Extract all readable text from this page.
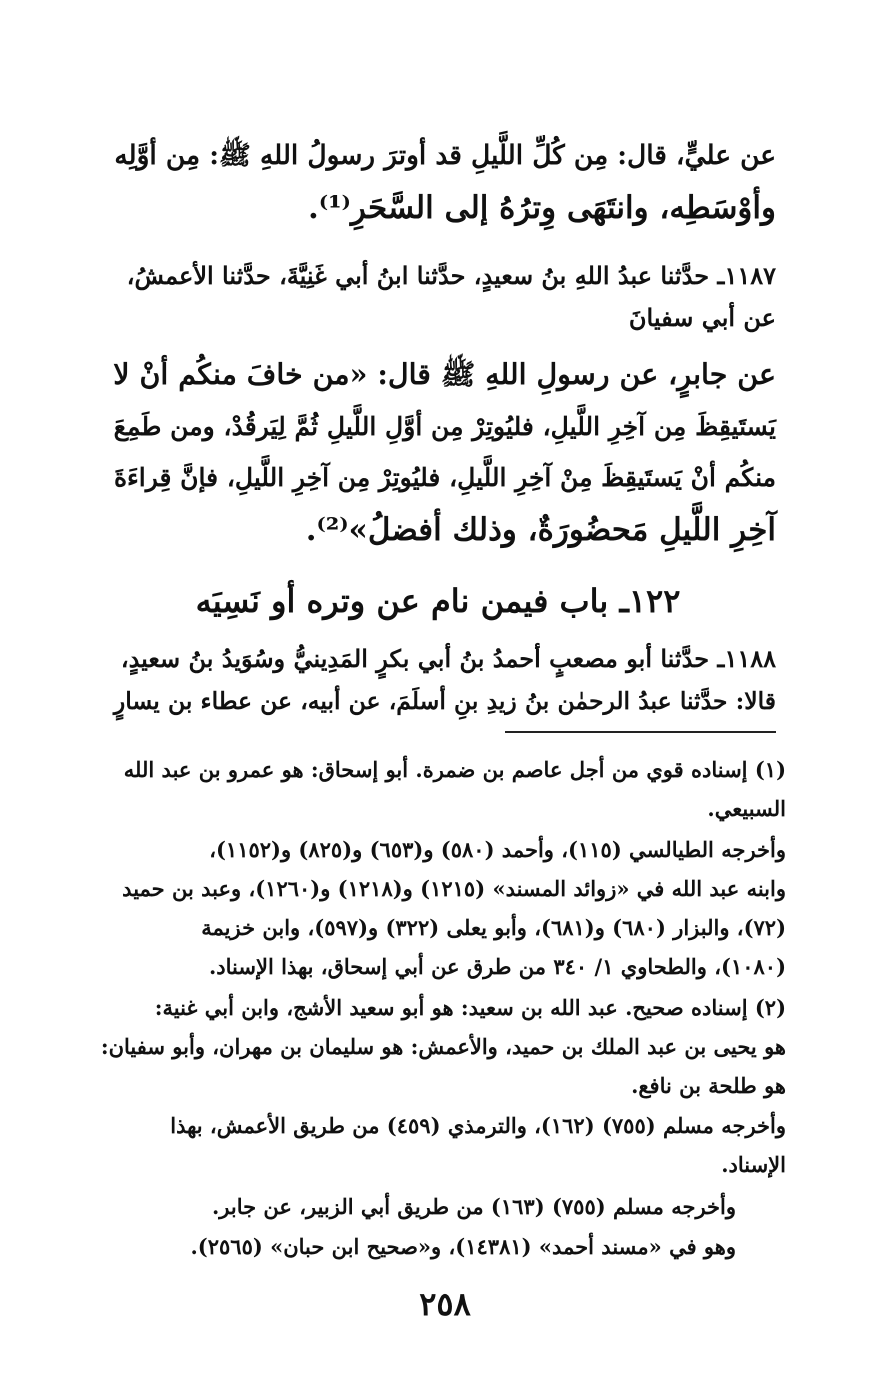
عن عليٍّ، قال: مِن كُلِّ اللَّيلِ قد أوترَ رسولُ اللهِ ﷺ: مِن أوَّلِه
وأوْسَطِه، وانتَهَى وِترُهُ إلى السَّحَرِ⁽¹⁾.
١١٨٧ـ حدَّثنا عبدُ اللهِ بنُ سعيدٍ، حدَّثنا ابنُ أبي غَنِيَّةَ، حدَّثنا الأعمشُ،
عن أبي سفيانَ
عن جابرٍ، عن رسولِ اللهِ ﷺ قال: «من خافَ منكُم أنْ لا
يَستَيقِظَ مِن آخِرِ اللَّيلِ، فليُوتِرْ مِن أوَّلِ اللَّيلِ ثُمَّ لِيَرقُدْ، ومن طَمِعَ
منكُم أنْ يَستَيقِظَ مِنْ آخِرِ اللَّيلِ، فليُوتِرْ مِن آخِرِ اللَّيلِ، فإنَّ قِراءَةَ
آخِرِ اللَّيلِ مَحضُورَةٌ، وذلك أفضلُ»⁽²⁾.
١٢٢ـ باب فيمن نام عن وتره أو نَسِيَه
١١٨٨ـ حدَّثنا أبو مصعبٍ أحمدُ بنُ أبي بكرٍ المَدِينيُّ وسُوَيدُ بنُ سعيدٍ،
قالا: حدَّثنا عبدُ الرحمٰن بنُ زيدِ بنِ أسلَمَ، عن أبيه، عن عطاء بن يسارٍ
(١) إسناده قوي من أجل عاصم بن ضمرة. أبو إسحاق: هو عمرو بن عبد الله
السبيعي.
وأخرجه الطيالسي (١١٥)، وأحمد (٥٨٠) و(٦٥٣) و(٨٢٥) و(١١٥٢)،
وابنه عبد الله في «زوائد المسند» (١٢١٥) و(١٢١٨) و(١٢٦٠)، وعبد بن حميد
(٧٢)، والبزار (٦٨٠) و(٦٨١)، وأبو يعلى (٣٢٢) و(٥٩٧)، وابن خزيمة
(١٠٨٠)، والطحاوي ١/ ٣٤٠ من طرق عن أبي إسحاق، بهذا الإسناد.
(٢) إسناده صحيح. عبد الله بن سعيد: هو أبو سعيد الأشج، وابن أبي غنية:
هو يحيى بن عبد الملك بن حميد، والأعمش: هو سليمان بن مهران، وأبو سفيان:
هو طلحة بن نافع.
وأخرجه مسلم (٧٥٥) (١٦٢)، والترمذي (٤٥٩) من طريق الأعمش، بهذا
الإسناد.
وأخرجه مسلم (٧٥٥) (١٦٣) من طريق أبي الزبير، عن جابر.
وهو في «مسند أحمد» (١٤٣٨١)، و«صحيح ابن حبان» (٢٥٦٥).
٢٥٨
